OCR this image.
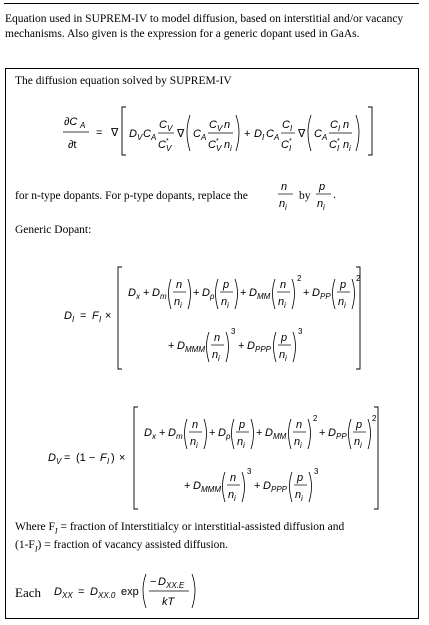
Equation used in SUPREM-IV to model diffusion, based on interstitial and/or vacancy mechanisms. Also given is the expression for a generic dopant used in GaAs.
The diffusion equation solved by SUPREM-IV
∂C A
∂t
= ∇ D V C A
C V
C *
V
∇ C A
C V n
C *
V n i
+ D I C A
C I
C *
I
∇ C A
C I n
C *
I n i
for n-type dopants. For p-type dopants, replace the
n
n i
by
p
n i
.
Generic Dopant:
D I = F I ×
D x + D m
n
n i
+ D p
p
n i
+ D MM
n
n i
2
+ D PP
p
n i
2
+ D MMM
n
n i
3
+ D PPP
p
n i
3
D V = (1 − F I ) ×
D x + D m
n
n i
+ D p
p
n i
+ D MM
n
n i
2
+ D PP
p
n i
2
+ D MMM
n
n i
3
+ D PPP
p
n i
3
Where $F_I$ = fraction of Interstitialcy or interstitial-assisted diffusion and
$(1-F_I)$ = fraction of vacancy assisted diffusion.
Each D XX = D XX.0 exp
− D XX.E
kT
